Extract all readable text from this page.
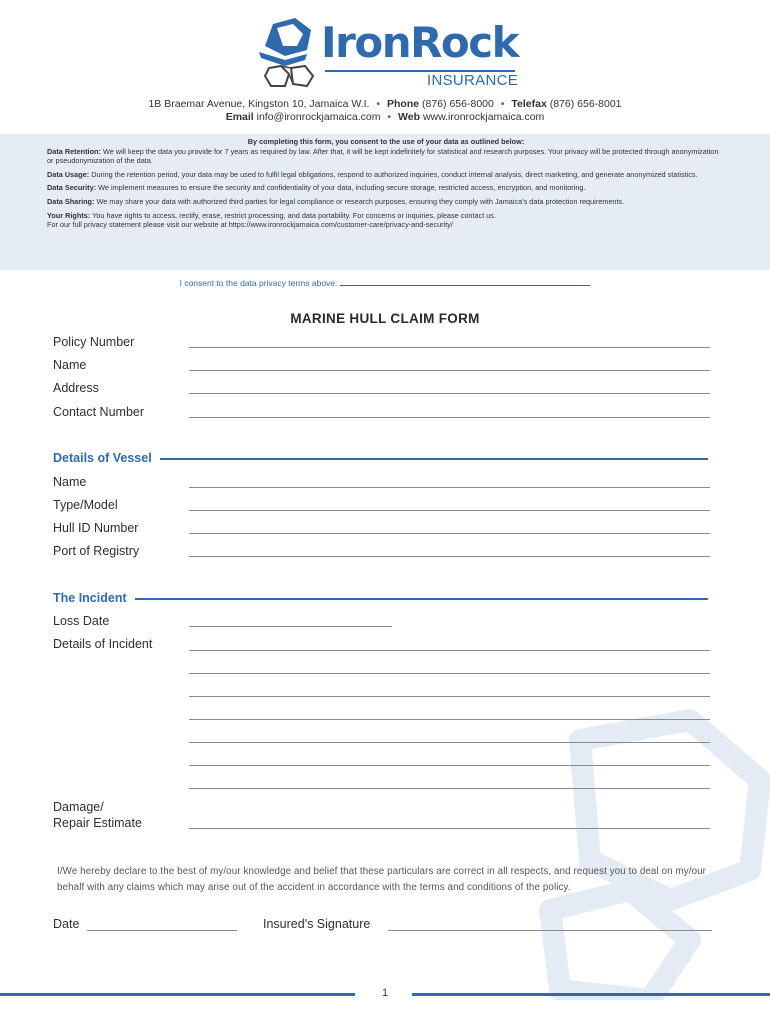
IronRock
INSURANCE
1B Braemar Avenue, Kingston 10, Jamaica W.I. • Phone (876) 656-8000 • Telefax (876) 656-8001
Email info@ironrockjamaica.com • Web www.ironrockjamaica.com
By completing this form, you consent to the use of your data as outlined below:

Data Retention: We will keep the data you provide for 7 years as required by law. After that, it will be kept indefinitely for statistical and research purposes. Your privacy will be protected through anonymization or pseudonymization of the data.

Data Usage: During the retention period, your data may be used to fulfil legal obligations, respond to authorized inquiries, conduct internal analysis, direct marketing, and generate anonymized statistics.

Data Security: We implement measures to ensure the security and confidentiality of your data, including secure storage, restricted access, encryption, and monitoring.

Data Sharing: We may share your data with authorized third parties for legal compliance or research purposes, ensuring they comply with Jamaica's data protection requirements.

Your Rights: You have rights to access, rectify, erase, restrict processing, and data portability. For concerns or inquiries, please contact us.

For our full privacy statement please visit our website at https://www.ironrockjamaica.com/customer-care/privacy-and-security/

I consent to the data privacy terms above:
MARINE HULL CLAIM FORM
Policy Number
Name
Address
Contact Number
Details of Vessel
Name
Type/Model
Hull ID Number
Port of Registry
The Incident
Loss Date
Details of Incident
Damage/
Repair Estimate
I/We hereby declare to the best of my/our knowledge and belief that these particulars are correct in all respects, and request you to deal on my/our behalf with any claims which may arise out of the accident in accordance with the terms and conditions of the policy.
Date	Insured's Signature
1
